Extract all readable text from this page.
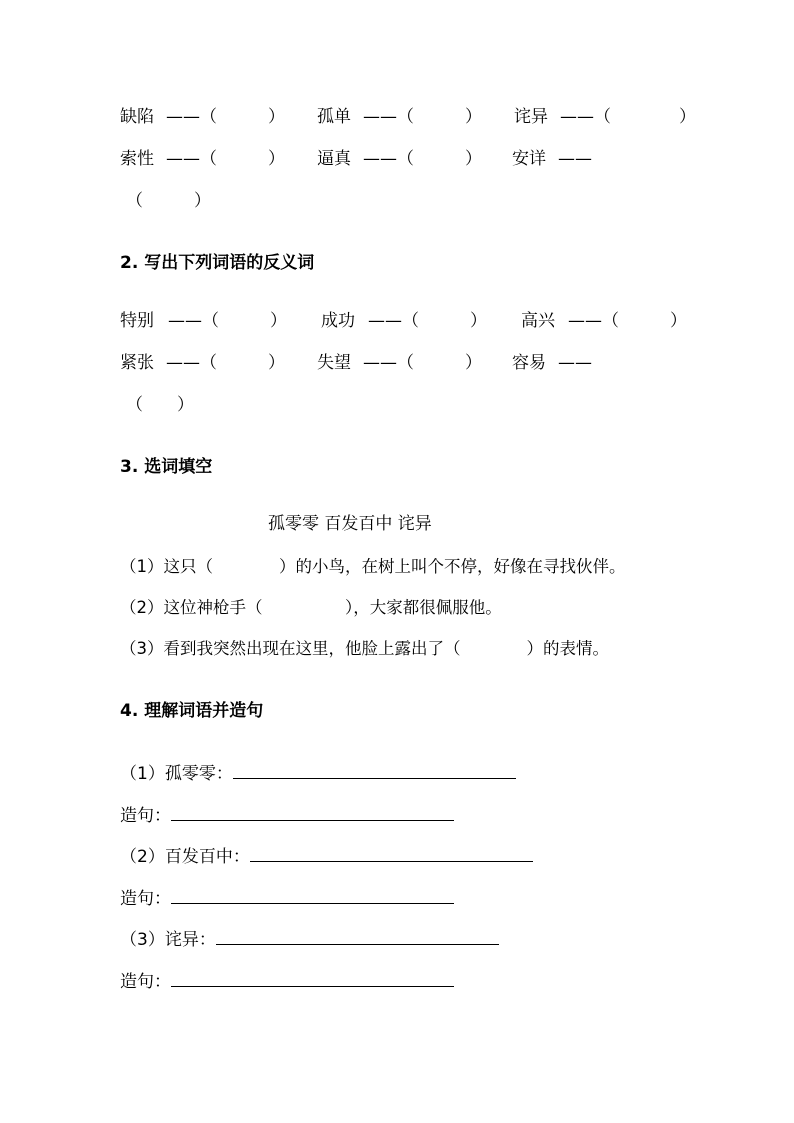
缺陷 ——（　　　） 孤单 ——（　　　） 诧异 ——（　　　　）
索性 ——（　　　） 逼真 ——（　　　） 安详 ——
（　　　）
2. 写出下列词语的反义词
特别 ——（　　　） 成功 ——（　　　） 高兴 ——（　　　）
紧张 ——（　　　） 失望 ——（　　　） 容易 ——
（　　）
3. 选词填空
孤零零 百发百中 诧异
（1）这只（　　　　）的小鸟，在树上叫个不停，好像在寻找伙伴。
（2）这位神枪手（　　　　　），大家都很佩服他。
（3）看到我突然出现在这里，他脸上露出了（　　　　）的表情。
4. 理解词语并造句
（1）孤零零：
造句：
（2）百发百中：
造句：
（3）诧异：
造句：
